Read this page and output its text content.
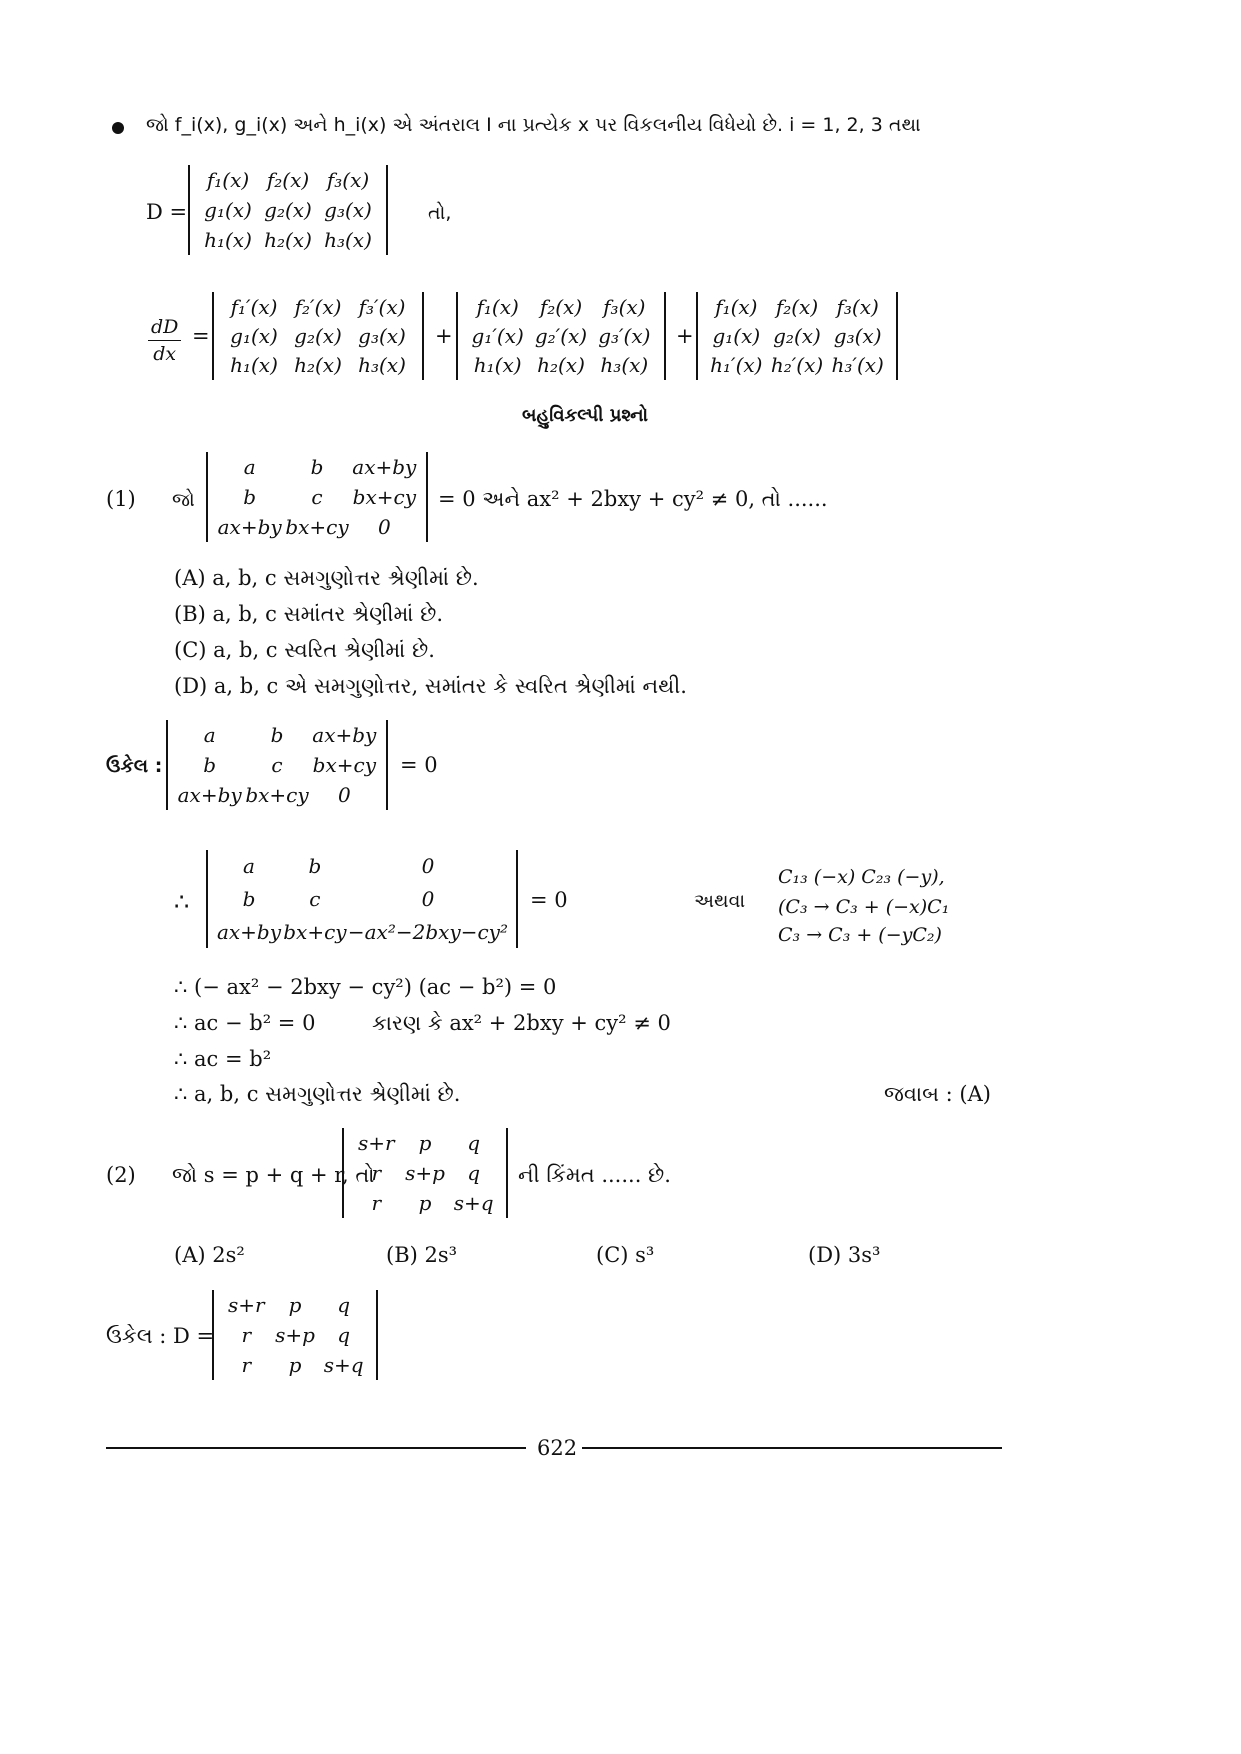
જો f_i(x), g_i(x) અને h_i(x) એ અંતરાલ I ના પ્રત્યેક x પર વિકલનીય વિધેયો છે. i = 1, 2, 3 તથા
D =
f₁(x) f₂(x) f₃(x)
g₁(x) g₂(x) g₃(x)
h₁(x) h₂(x) h₃(x)
તો,
$\frac{dD}{dx}$ =
f₁′(x) f₂′(x) f₃′(x)
g₁(x) g₂(x) g₃(x)
h₁(x) h₂(x) h₃(x)
+
f₁(x) f₂(x) f₃(x)
g₁′(x) g₂′(x) g₃′(x)
h₁(x) h₂(x) h₃(x)
+
f₁(x) f₂(x) f₃(x)
g₁(x) g₂(x) g₃(x)
h₁′(x) h₂′(x) h₃′(x)
બહુવિકલ્પી પ્રશ્નો
(1) જો
a	b ax+by
b	c bx+cy
ax+by bx+cy 0
= 0 અને ax² + 2bxy + cy² ≠ 0, તો ......
(A) a, b, c સમગુણોત્તર શ્રેણીમાં છે.
(B) a, b, c સમાંતર શ્રેણીમાં છે.
(C) a, b, c સ્વરિત શ્રેણીમાં છે.
(D) a, b, c એ સમગુણોત્તર, સમાંતર કે સ્વરિત શ્રેણીમાં નથી.
ઉકેલ :
a	b ax+by
b	c bx+cy
ax+by bx+cy 0
= 0
∴
a	b	0
b	c	0
ax+by bx+cy −ax²−2bxy−cy²
= 0	અથવા
C₁₃ (−x) C₂₃ (−y),
(C₃ → C₃ + (−x)C₁
C₃ → C₃ + (−yC₂)
∴ (− ax² − 2bxy − cy²) (ac − b²) = 0
∴ ac − b² = 0	કારણ કે ax² + 2bxy + cy² ≠ 0
∴ ac = b²
∴ a, b, c સમગુણોત્તર શ્રેણીમાં છે.	જવાબ : (A)
(2) જો s = p + q + r, તો
s+r p q
r s+p q
r p s+q
ની કિંમત ...... છે.
(A) 2s²	(B) 2s³	(C) s³	(D) 3s³
ઉકેલ : D =
s+r p q
r s+p q
r p s+q
622
